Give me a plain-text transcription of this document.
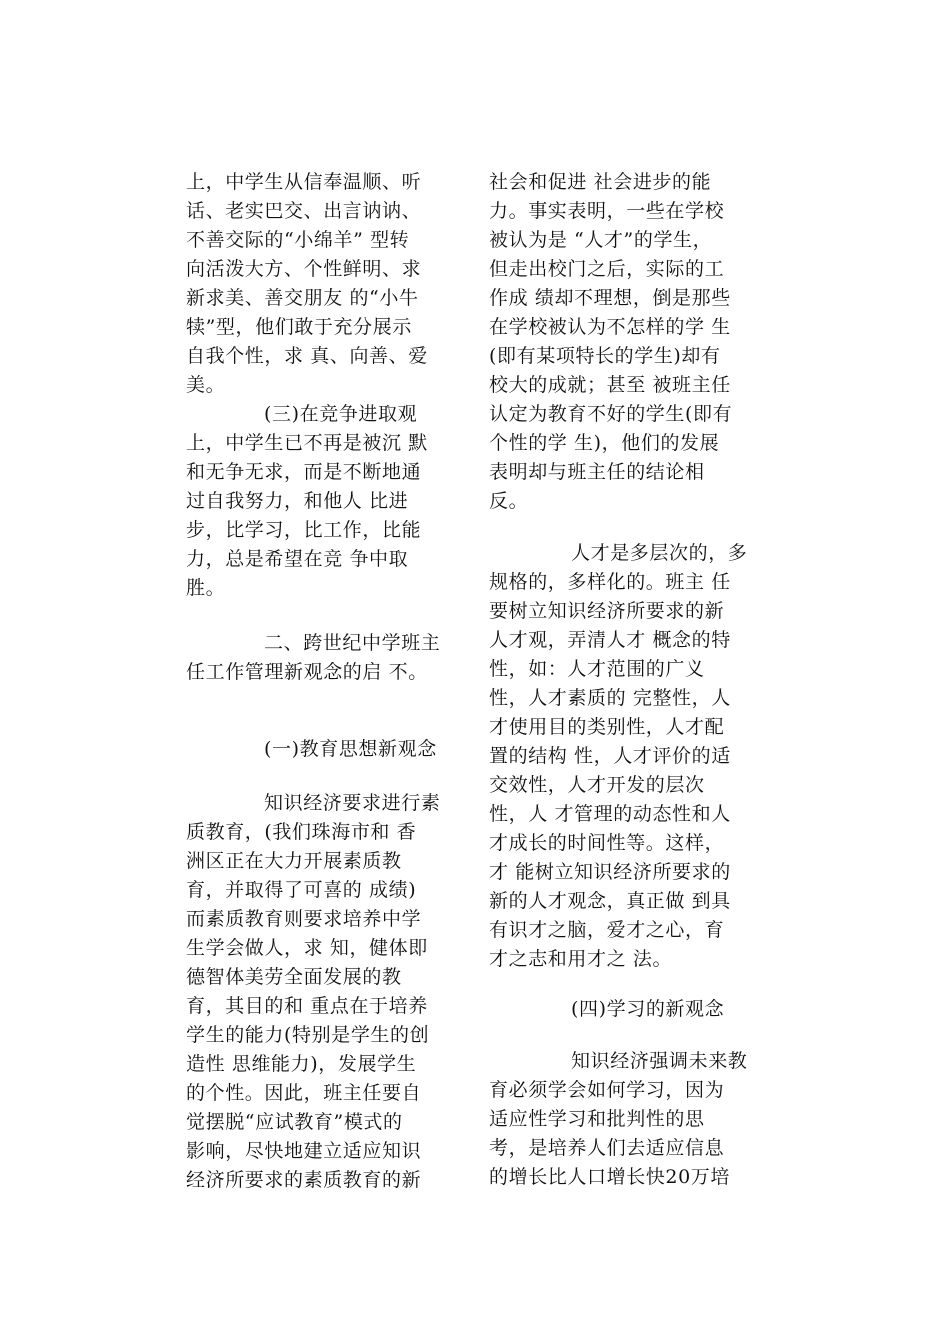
上，中学生从信奉温顺、听
话、老实巴交、出言讷讷、
不善交际的“小绵羊” 型转
向活泼大方、个性鲜明、求
新求美、善交朋友 的“小牛
犊”型，他们敢于充分展示
自我个性，求 真、向善、爱
美。

(三)在竞争进取观
上，中学生已不再是被沉 默
和无争无求，而是不断地通
过自我努力，和他人 比进
步，比学习，比工作，比能
力，总是希望在竞 争中取
胜。

二、跨世纪中学班主
任工作管理新观念的启 不。

(一)教育思想新观念

知识经济要求进行素
质教育，(我们珠海市和 香
洲区正在大力开展素质教
育，并取得了可喜的 成绩)
而素质教育则要求培养中学
生学会做人，求 知，健体即
德智体美劳全面发展的教
育，其目的和 重点在于培养
学生的能力(特别是学生的创
造性 思维能力)，发展学生
的个性。因此，班主任要自
觉摆脱“应试教育”模式的
影响，尽快地建立适应知识
经济所要求的素质教育的新

社会和促进 社会进步的能
力。事实表明，一些在学校
被认为是 “人才”的学生，
但走出校门之后，实际的工
作成 绩却不理想，倒是那些
在学校被认为不怎样的学 生
(即有某项特长的学生)却有
校大的成就；甚至 被班主任
认定为教育不好的学生(即有
个性的学 生)，他们的发展
表明却与班主任的结论相
反。

人才是多层次的，多
规格的，多样化的。班主 任
要树立知识经济所要求的新
人才观，弄清人才 概念的特
性，如：人才范围的广义
性，人才素质的 完整性，人
才使用目的类别性，人才配
置的结构 性，人才评价的适
交效性，人才开发的层次
性，人 才管理的动态性和人
才成长的时间性等。这样，
才 能树立知识经济所要求的
新的人才观念，真正做 到具
有识才之脑，爱才之心，育
才之志和用才之 法。

(四)学习的新观念

知识经济强调未来教
育必须学会如何学习，因为
适应性学习和批判性的思
考，是培养人们去适应信息
的增长比人口增长快20万培
